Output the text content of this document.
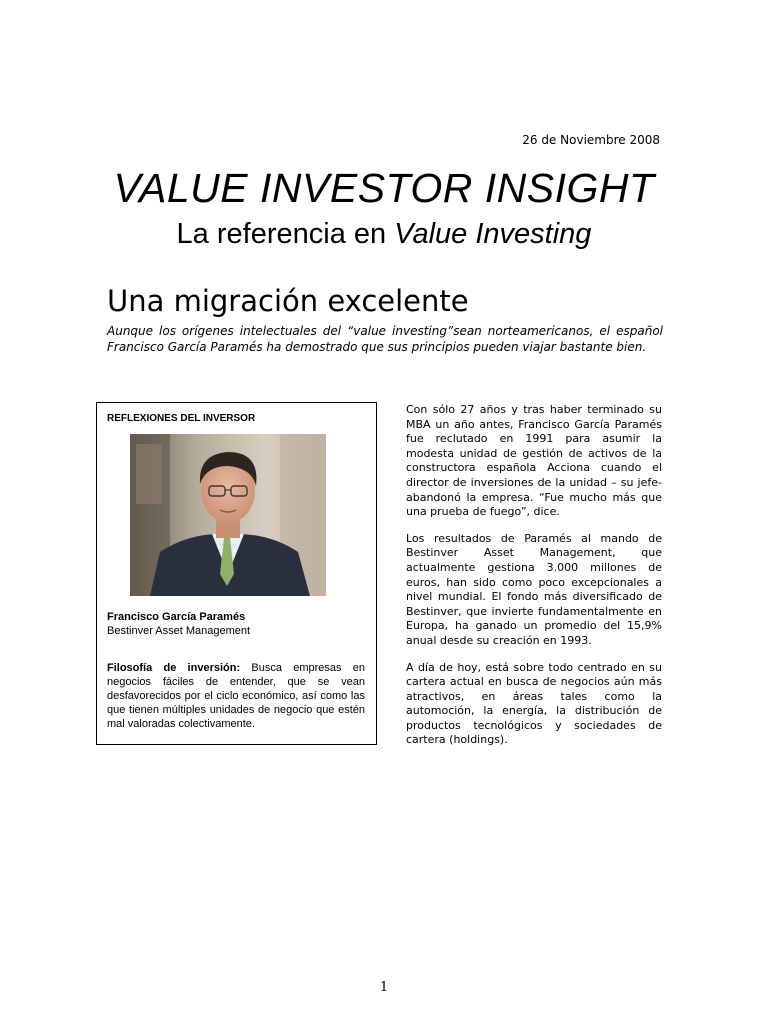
26 de Noviembre 2008
VALUE INVESTOR INSIGHT
La referencia en Value Investing
Una migración excelente

Aunque los orígenes intelectuales del “value investing”sean norteamericanos, el español Francisco García Paramés ha demostrado que sus principios pueden viajar bastante bien.

REFLEXIONES DEL INVERSOR
Francisco García Paramés
Bestinver Asset Management
Filosofía de inversión: Busca empresas en negocios fáciles de entender, que se vean desfavorecidos por el ciclo económico, así como las que tienen múltiples unidades de negocio que estén mal valoradas colectivamente.

Con sólo 27 años y tras haber terminado su MBA un año antes, Francisco García Paramés fue reclutado en 1991 para asumir la modesta unidad de gestión de activos de la constructora española Acciona cuando el director de inversiones de la unidad – su jefe- abandonó la empresa. “Fue mucho más que una prueba de fuego”, dice.

Los resultados de Paramés al mando de Bestinver Asset Management, que actualmente gestiona 3.000 millones de euros, han sido como poco excepcionales a nivel mundial. El fondo más diversificado de Bestinver, que invierte fundamentalmente en Europa, ha ganado un promedio del 15,9% anual desde su creación en 1993.

A día de hoy, está sobre todo centrado en su cartera actual en busca de negocios aún más atractivos, en áreas tales como la automoción, la energía, la distribución de productos tecnológicos y sociedades de cartera (holdings).

1
